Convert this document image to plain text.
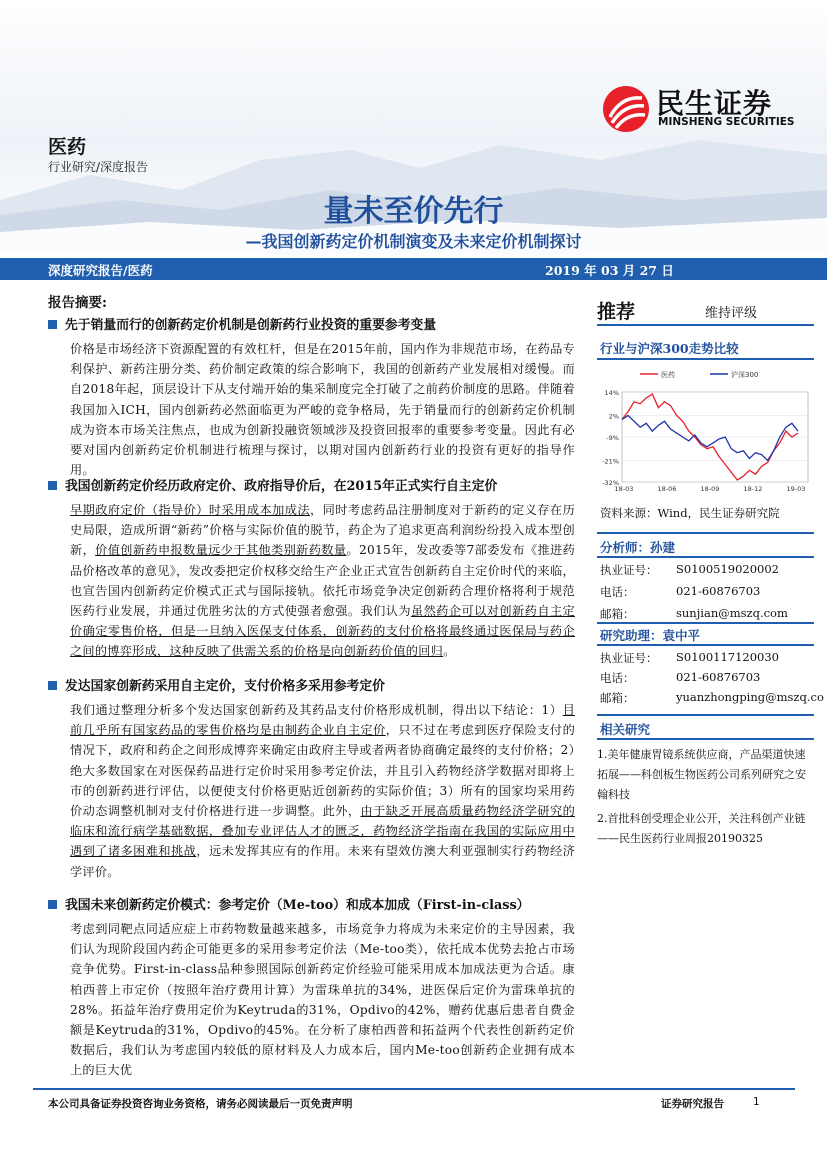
民生证券
MINSHENG SECURITIES
医药
行业研究/深度报告
量未至价先行
—我国创新药定价机制演变及未来定价机制探讨
深度研究报告/医药	2019 年 03 月 27 日
报告摘要:
先于销量而行的创新药定价机制是创新药行业投资的重要参考变量
价格是市场经济下资源配置的有效杠杆，但是在2015年前，国内作为非规范市场，在药品专利保护、新药注册分类、药价制定政策的综合影响下，我国的创新药产业发展相对缓慢。而自2018年起，顶层设计下从支付端开始的集采制度完全打破了之前药价制度的思路。伴随着我国加入ICH，国内创新药必然面临更为严峻的竞争格局，先于销量而行的创新药定价机制成为资本市场关注焦点，也成为创新投融资领域涉及投资回报率的重要参考变量。因此有必要对国内创新药定价机制进行梳理与探讨，以期对国内创新药行业的投资有更好的指导作用。
我国创新药定价经历政府定价、政府指导价后，在2015年正式实行自主定价
早期政府定价（指导价）时采用成本加成法，同时考虑药品注册制度对于新药的定义存在历史局限，造成所谓“新药”价格与实际价值的脱节，药企为了追求更高利润纷纷投入成本型创新，价值创新药申报数量远少于其他类别新药数量。2015年，发改委等7部委发布《推进药品价格改革的意见》，发改委把定价权移交给生产企业正式宣告创新药自主定价时代的来临，也宣告国内创新药定价模式正式与国际接轨。依托市场竞争决定创新药合理价格将利于规范医药行业发展，并通过优胜劣汰的方式使强者愈强。我们认为虽然药企可以对创新药自主定价确定零售价格，但是一旦纳入医保支付体系，创新药的支付价格将最终通过医保局与药企之间的博弈形成，这种反映了供需关系的价格是向创新药价值的回归。
发达国家创新药采用自主定价，支付价格多采用参考定价
我们通过整理分析多个发达国家创新药及其药品支付价格形成机制，得出以下结论：1）目前几乎所有国家药品的零售价格均是由制药企业自主定价，只不过在考虑到医疗保险支付的情况下，政府和药企之间形成博弈来确定由政府主导或者两者协商确定最终的支付价格；2）绝大多数国家在对医保药品进行定价时采用参考定价法，并且引入药物经济学数据对即将上市的创新药进行评估，以便使支付价格更贴近创新药的实际价值；3）所有的国家均采用药价动态调整机制对支付价格进行进一步调整。此外，由于缺乏开展高质量药物经济学研究的临床和流行病学基础数据，叠加专业评估人才的匮乏，药物经济学指南在我国的实际应用中遇到了诸多困难和挑战，远未发挥其应有的作用。未来有望效仿澳大利亚强制实行药物经济学评价。
我国未来创新药定价模式：参考定价（Me-too）和成本加成（First-in-class）
考虑到同靶点同适应症上市药物数量越来越多，市场竞争力将成为未来定价的主导因素，我们认为现阶段国内药企可能更多的采用参考定价法（Me-too类），依托成本优势去抢占市场竞争优势。First-in-class品种参照国际创新药定价经验可能采用成本加成法更为合适。康柏西普上市定价（按照年治疗费用计算）为雷珠单抗的34%，进医保后定价为雷珠单抗的28%。拓益年治疗费用定价为Keytruda的31%，Opdivo的42%，赠药优惠后患者自费金额是Keytruda的31%，Opdivo的45%。在分析了康柏西普和拓益两个代表性创新药定价数据后，我们认为考虑国内较低的原材料及人力成本后，国内Me-too创新药企业拥有成本上的巨大优
推荐	维持评级
行业与沪深300走势比较
14%
2%
-9%
-21%
-32%
18-03	18-06	18-09	18-12	19-03
医药	沪深300
资料来源：Wind，民生证券研究院
分析师：孙建
执业证号： S0100519020002
电话：	021-60876703
邮箱：	sunjian@mszq.com
研究助理：袁中平
执业证号： S0100117120030
电话：	021-60876703
邮箱：	yuanzhongping@mszq.co
相关研究
1.美年健康胃镜系统供应商，产品渠道快速拓展——科创板生物医药公司系列研究之安翰科技
2.首批科创受理企业公开，关注科创产业链——民生医药行业周报20190325
本公司具备证券投资咨询业务资格，请务必阅读最后一页免责声明	证券研究报告	1
